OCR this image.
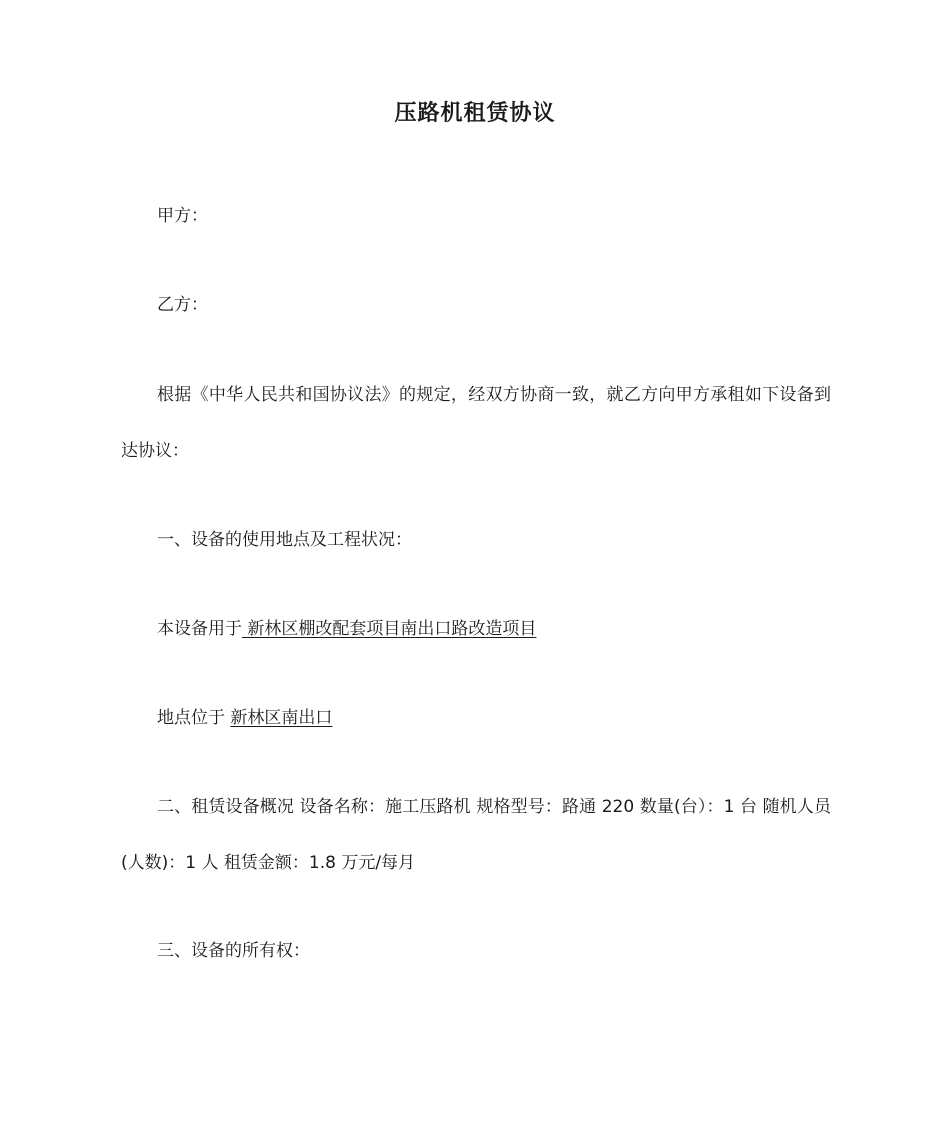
压路机租赁协议

甲方：

乙方：

根据《中华人民共和国协议法》的规定，经双方协商一致，就乙方向甲方承租如下设备到达协议：

一、设备的使用地点及工程状况：

本设备用于 新林区棚改配套项目南出口路改造项目

地点位于 新林区南出口

二、租赁设备概况 设备名称：施工压路机 规格型号：路通 220 数量(台）：1 台 随机人员(人数)：1 人 租赁金额：1.8 万元/每月

三、设备的所有权：
